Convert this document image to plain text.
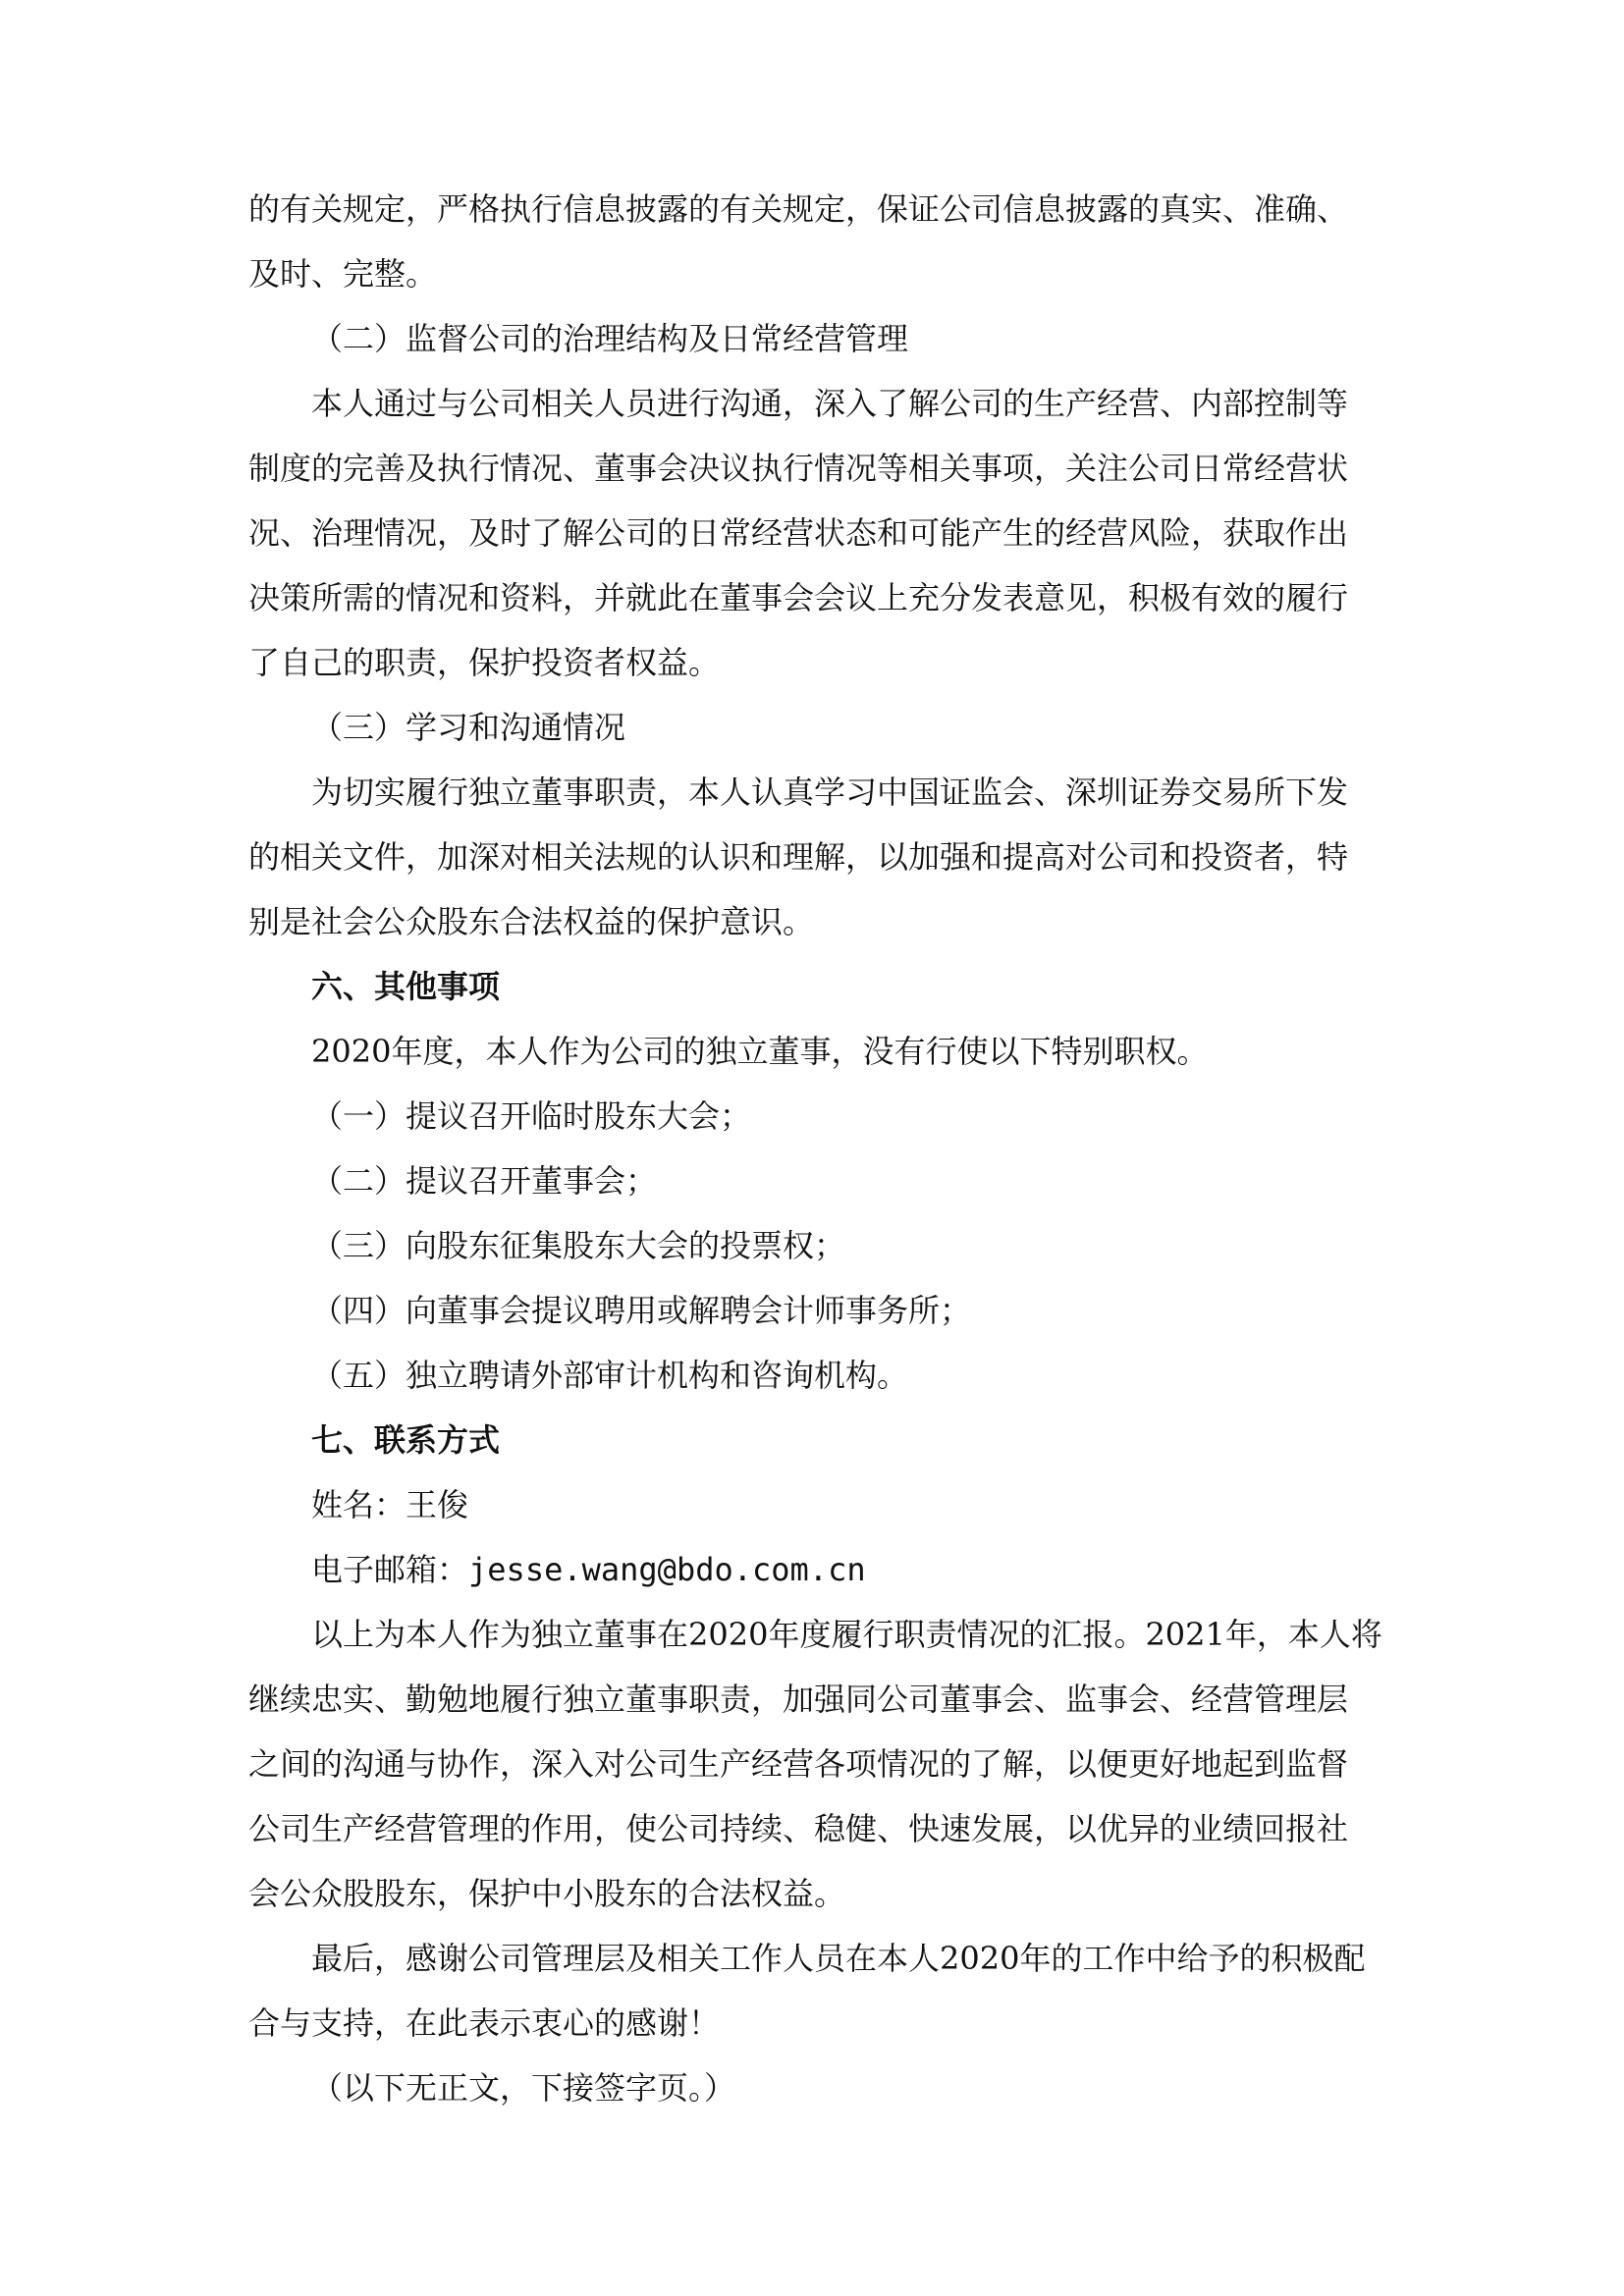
的有关规定，严格执行信息披露的有关规定，保证公司信息披露的真实、准确、
及时、完整。
（二）监督公司的治理结构及日常经营管理
本人通过与公司相关人员进行沟通，深入了解公司的生产经营、内部控制等
制度的完善及执行情况、董事会决议执行情况等相关事项，关注公司日常经营状
况、治理情况，及时了解公司的日常经营状态和可能产生的经营风险，获取作出
决策所需的情况和资料，并就此在董事会会议上充分发表意见，积极有效的履行
了自己的职责，保护投资者权益。
（三）学习和沟通情况
为切实履行独立董事职责，本人认真学习中国证监会、深圳证券交易所下发
的相关文件，加深对相关法规的认识和理解，以加强和提高对公司和投资者，特
别是社会公众股东合法权益的保护意识。
六、其他事项
2020年度，本人作为公司的独立董事，没有行使以下特别职权。
（一）提议召开临时股东大会；
（二）提议召开董事会；
（三）向股东征集股东大会的投票权；
（四）向董事会提议聘用或解聘会计师事务所；
（五）独立聘请外部审计机构和咨询机构。
七、联系方式
姓名：王俊
电子邮箱：jesse.wang@bdo.com.cn
以上为本人作为独立董事在2020年度履行职责情况的汇报。2021年，本人将
继续忠实、勤勉地履行独立董事职责，加强同公司董事会、监事会、经营管理层
之间的沟通与协作，深入对公司生产经营各项情况的了解，以便更好地起到监督
公司生产经营管理的作用，使公司持续、稳健、快速发展，以优异的业绩回报社
会公众股股东，保护中小股东的合法权益。
最后，感谢公司管理层及相关工作人员在本人2020年的工作中给予的积极配
合与支持，在此表示衷心的感谢！
（以下无正文，下接签字页。）
